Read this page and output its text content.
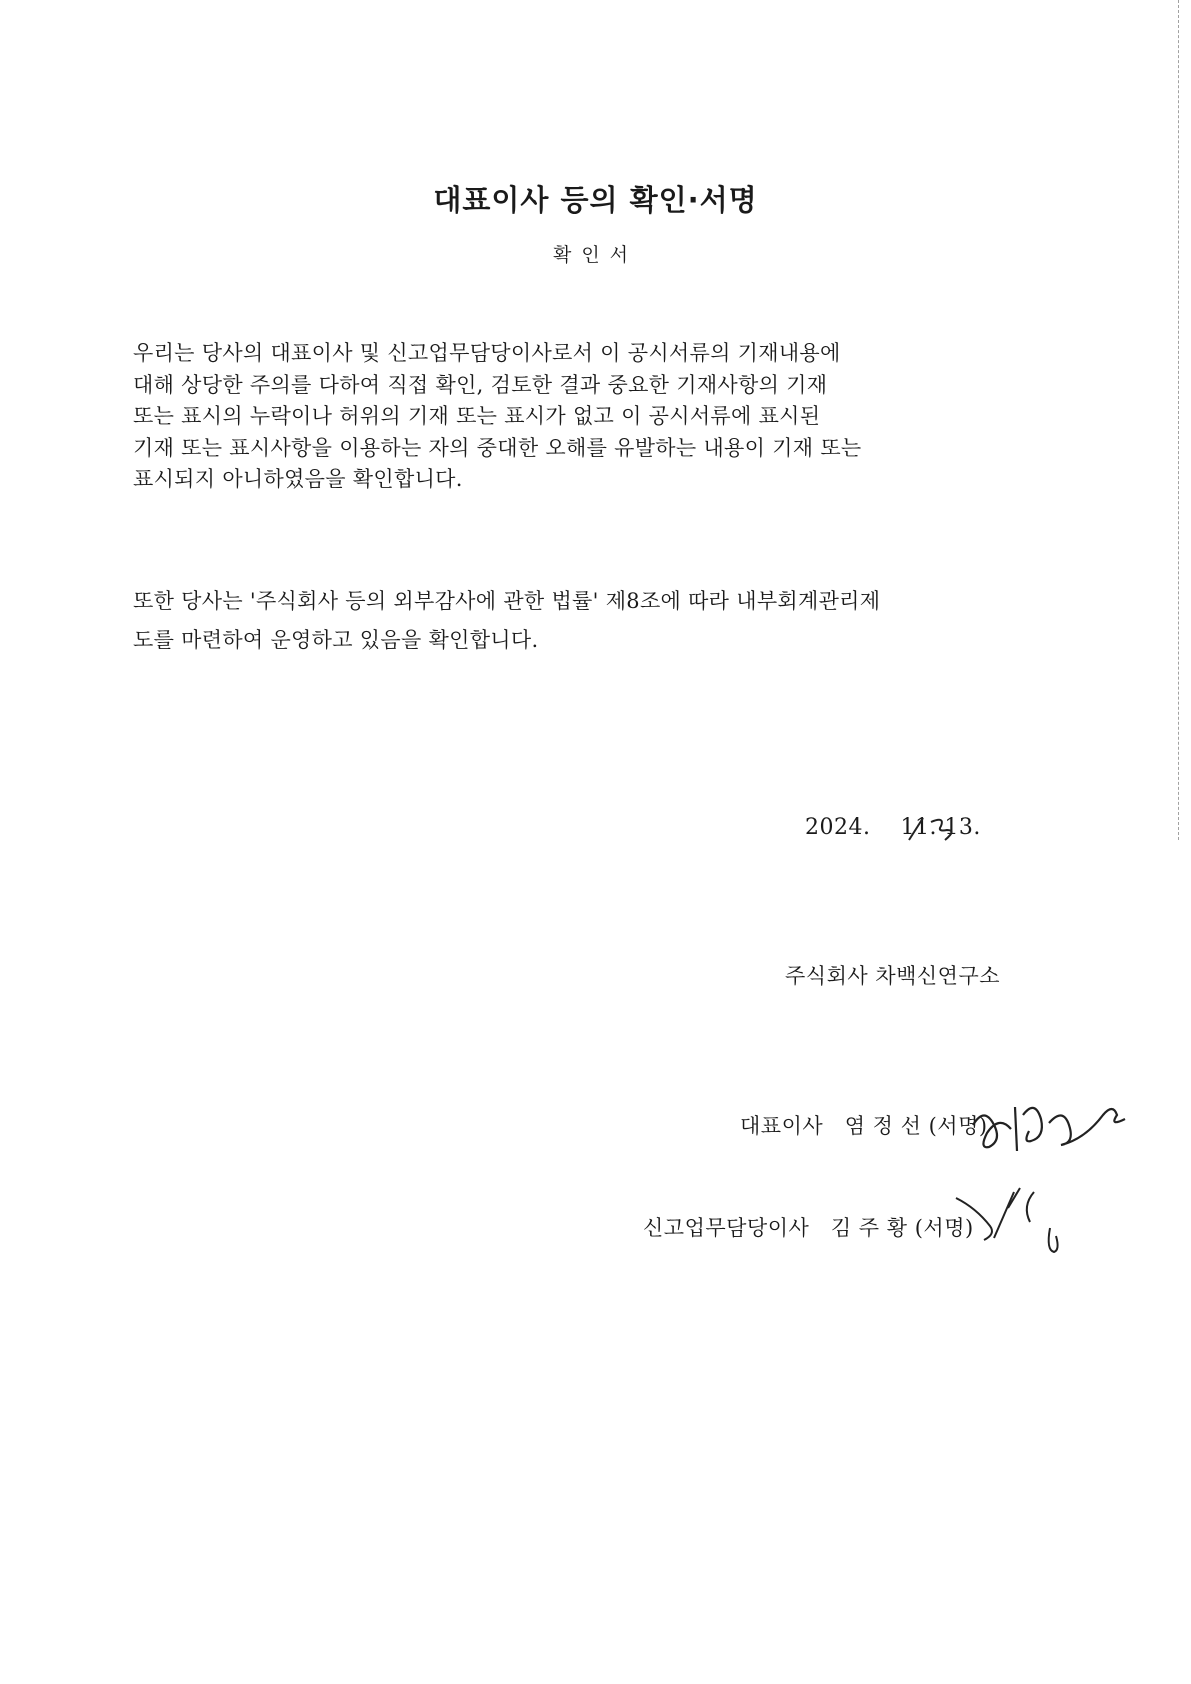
대표이사 등의 확인·서명
확인서

우리는 당사의 대표이사 및 신고업무담당이사로서 이 공시서류의 기재내용에

대해 상당한 주의를 다하여 직접 확인, 검토한 결과 중요한 기재사항의 기재

또는 표시의 누락이나 허위의 기재 또는 표시가 없고 이 공시서류에 표시된

기재 또는 표시사항을 이용하는 자의 중대한 오해를 유발하는 내용이 기재 또는

표시되지 아니하였음을 확인합니다.

또한 당사는 '주식회사 등의 외부감사에 관한 법률' 제8조에 따라 내부회계관리제

도를 마련하여 운영하고 있음을 확인합니다.

2024.    11. 13.
주식회사 차백신연구소
대표이사 염 정 선 (서명)
신고업무담당이사 김 주 황 (서명)
